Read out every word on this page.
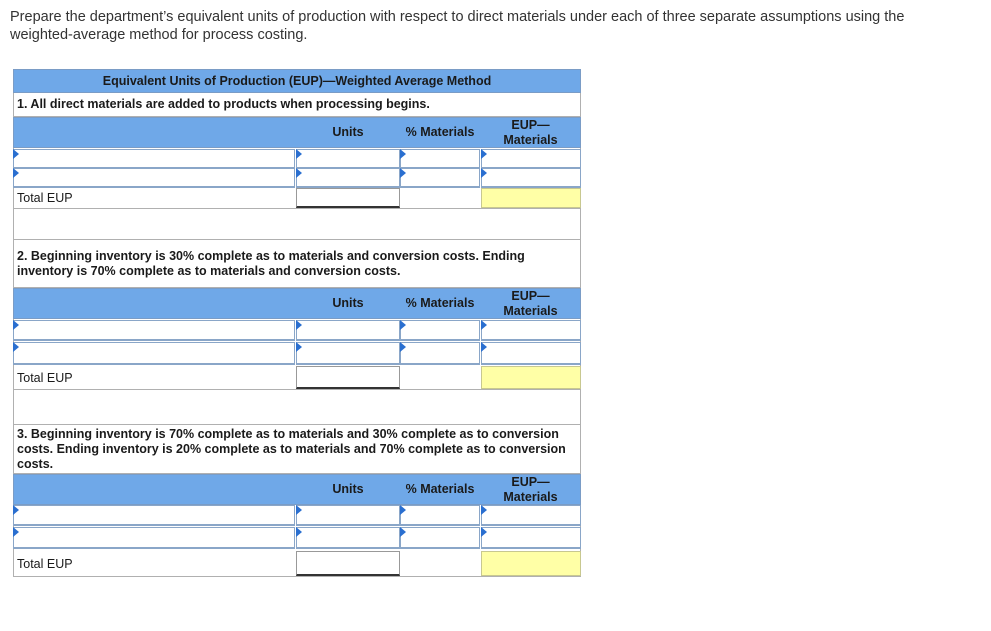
Prepare the department’s equivalent units of production with respect to direct materials under each of three separate assumptions using the weighted-average method for process costing.
Equivalent Units of Production (EUP)—Weighted Average Method
1. All direct materials are added to products when processing begins.
Units	% Materials
EUP—
Materials
Total EUP
2. Beginning inventory is 30% complete as to materials and conversion costs. Ending inventory is 70% complete as to materials and conversion costs.
Units	% Materials
EUP—
Materials
Total EUP
3. Beginning inventory is 70% complete as to materials and 30% complete as to conversion costs. Ending inventory is 20% complete as to materials and 70% complete as to conversion costs.
Units	% Materials
EUP—
Materials
Total EUP
